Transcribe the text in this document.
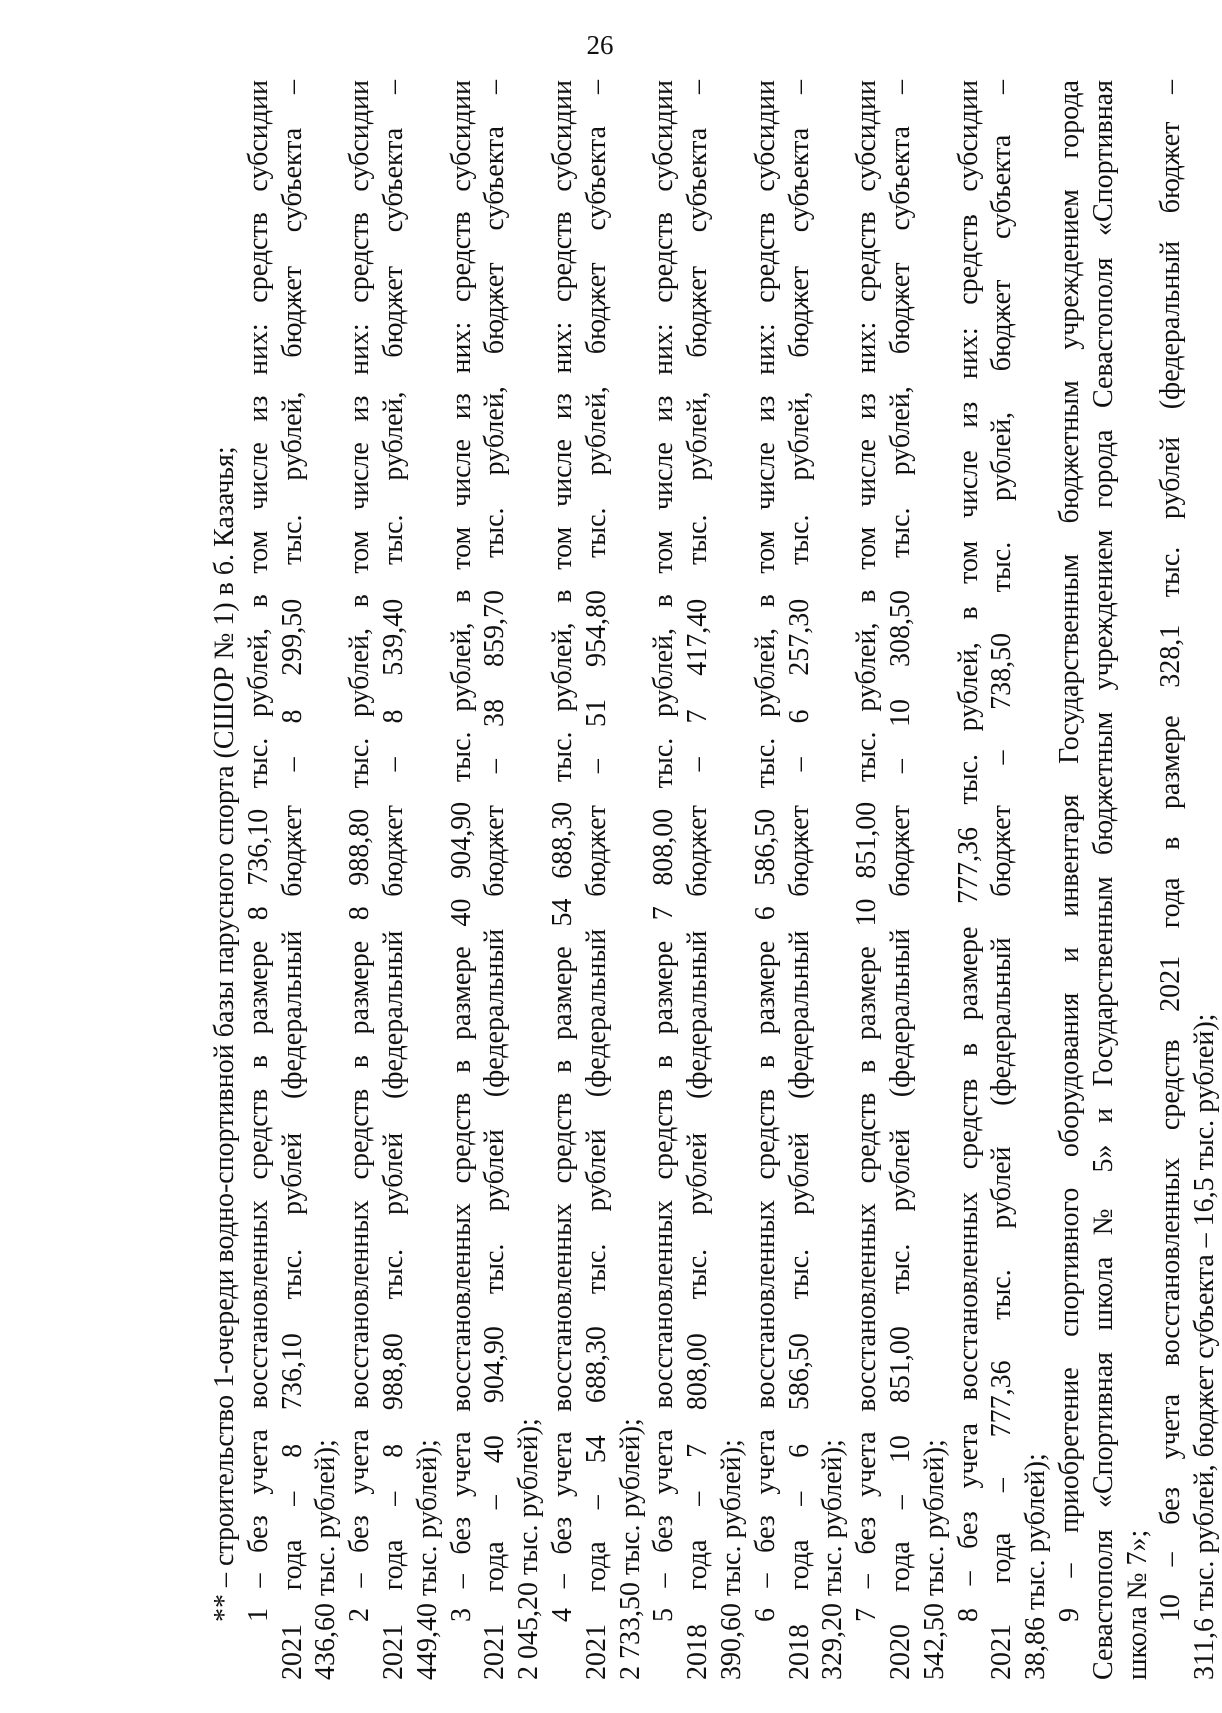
26
** – строительство 1-очереди водно-спортивной базы парусного спорта (СШОР № 1) в б. Казачья; 1 – без учета восстановленных средств в размере 8 736,10 тыс. рублей, в том числе из них: средств субсидии 2021 года – 8 736,10 тыс. рублей (федеральный бюджет – 8 299,50 тыс. рублей, бюджет субъекта – 436,60 тыс. рублей); 2 – без учета восстановленных средств в размере 8 988,80 тыс. рублей, в том числе из них: средств субсидии 2021 года – 8 988,80 тыс. рублей (федеральный бюджет – 8 539,40 тыс. рублей, бюджет субъекта – 449,40 тыс. рублей); 3 – без учета восстановленных средств в размере 40 904,90 тыс. рублей, в том числе из них: средств субсидии 2021 года – 40 904,90 тыс. рублей (федеральный бюджет – 38 859,70 тыс. рублей, бюджет субъекта – 2 045,20 тыс. рублей); 4 – без учета восстановленных средств в размере 54 688,30 тыс. рублей, в том числе из них: средств субсидии 2021 года – 54 688,30 тыс. рублей (федеральный бюджет – 51 954,80 тыс. рублей, бюджет субъекта – 2 733,50 тыс. рублей); 5 – без учета восстановленных средств в размере 7 808,00 тыс. рублей, в том числе из них: средств субсидии 2018 года – 7 808,00 тыс. рублей (федеральный бюджет – 7 417,40 тыс. рублей, бюджет субъекта – 390,60 тыс. рублей); 6 – без учета восстановленных средств в размере 6 586,50 тыс. рублей, в том числе из них: средств субсидии 2018 года – 6 586,50 тыс. рублей (федеральный бюджет – 6 257,30 тыс. рублей, бюджет субъекта – 329,20 тыс. рублей); 7 – без учета восстановленных средств в размере 10 851,00 тыс. рублей, в том числе из них: средств субсидии 2020 года – 10 851,00 тыс. рублей (федеральный бюджет – 10 308,50 тыс. рублей, бюджет субъекта – 542,50 тыс. рублей); 8 – без учета восстановленных средств в размере 777,36 тыс. рублей, в том числе из них: средств субсидии 2021 года – 777,36 тыс. рублей (федеральный бюджет – 738,50 тыс. рублей, бюджет субъекта – 38,86 тыс. рублей); 9 – приобретение спортивного оборудования и инвентаря Государственным бюджетным учреждением города Севастополя «Спортивная школа № 5» и Государственным бюджетным учреждением города Севастополя «Спортивная школа № 7»; 10 – без учета восстановленных средств 2021 года в размере 328,1 тыс. рублей (федеральный бюджет – 311,6 тыс. рублей, бюджет субъекта – 16,5 тыс. рублей);
